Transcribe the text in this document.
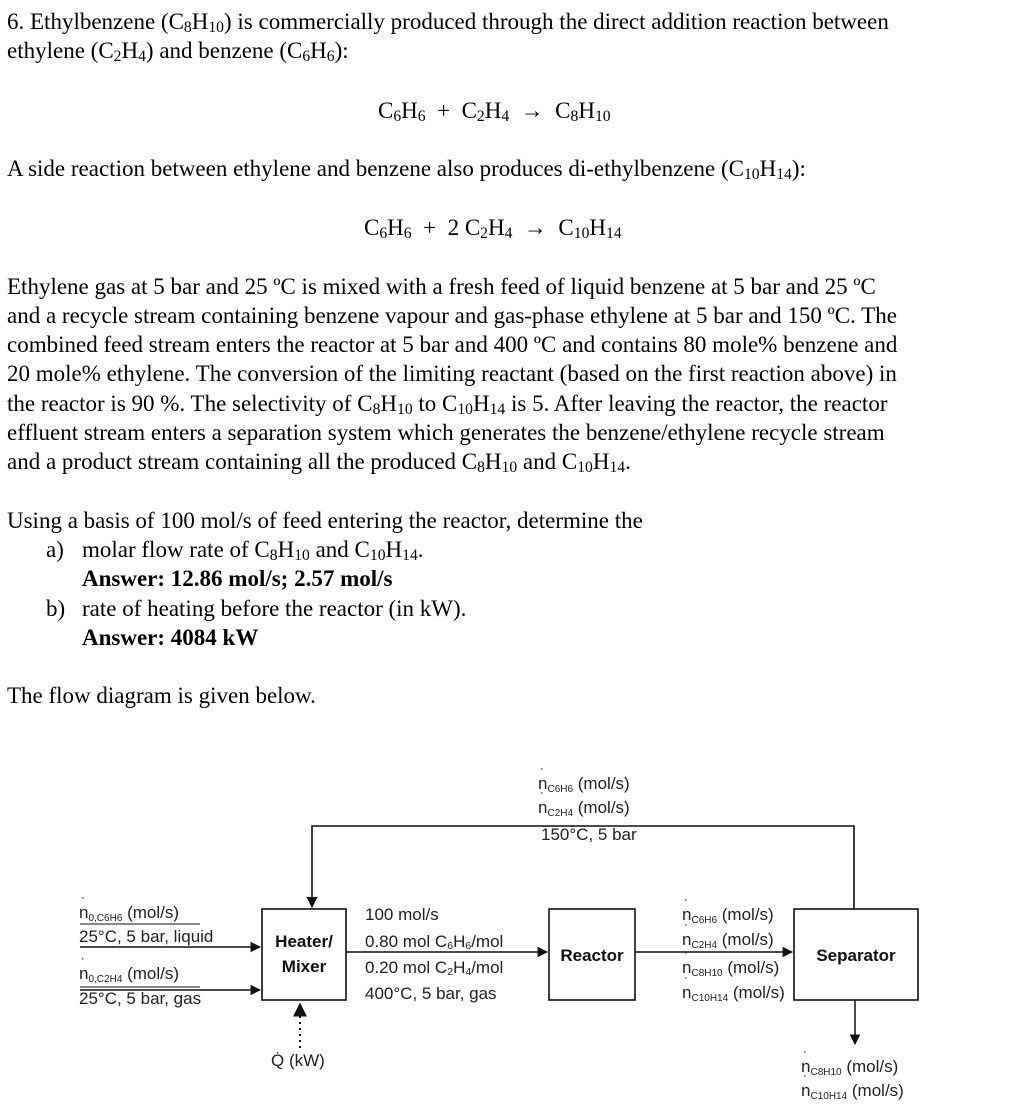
6. Ethylbenzene $(C_8H_{10})$ is commercially produced through the direct addition reaction between

ethylene $(C_2H_4)$ and benzene $(C_6H_6)$:

$C_6H_6 + C_2H_4 \to C_8H_{10}$

A side reaction between ethylene and benzene also produces di-ethylbenzene $(C_{10}H_{14})$:

$C_6H_6 + 2$ $C_2H_4 \to C_{10}H_{14}$

Ethylene gas at 5 bar and 25 ºC is mixed with a fresh feed of liquid benzene at 5 bar and 25 ºC

and a recycle stream containing benzene vapour and gas-phase ethylene at 5 bar and 150 ºC. The

combined feed stream enters the reactor at 5 bar and 400 ºC and contains 80 mole% benzene and

20 mole% ethylene. The conversion of the limiting reactant (based on the first reaction above) in

the reactor is 90 %. The selectivity of $C_8H_{10}$ to $C_{10}H_{14}$ is 5. After leaving the reactor, the reactor

effluent stream enters a separation system which generates the benzene/ethylene recycle stream

and a product stream containing all the produced $C_8H_{10}$ and $C_{10}H_{14}$.

Using a basis of 100 mol/s of feed entering the reactor, determine the

a) molar flow rate of $C_8H_{10}$ and $C_{10}H_{14}$.

Answer: 12.86 mol/s; 2.57 mol/s

b) rate of heating before the reactor (in kW).

Answer: 4084 kW

The flow diagram is given below.

n ˙C6H6 (mol/s)
n ˙C2H4 (mol/s)
150°C, 5 bar
n ˙0,C6H6 (mol/s)
25°C, 5 bar, liquid
n ˙0,C2H4 (mol/s)
25°C, 5 bar, gas
Heater/
Mixer
100 mol/s
0.80 mol $C_6H_6$/mol
0.20 mol $C_2H_4$/mol
400°C, 5 bar, gas
Reactor
n ˙C6H6 (mol/s)
n ˙C2H4 (mol/s)
n ˙C8H10 (mol/s)
n ˙C10H14 (mol/s)
Separator
Q̇ (kW)	n ˙C8H10 (mol/s)
n ˙C10H14 (mol/s)
